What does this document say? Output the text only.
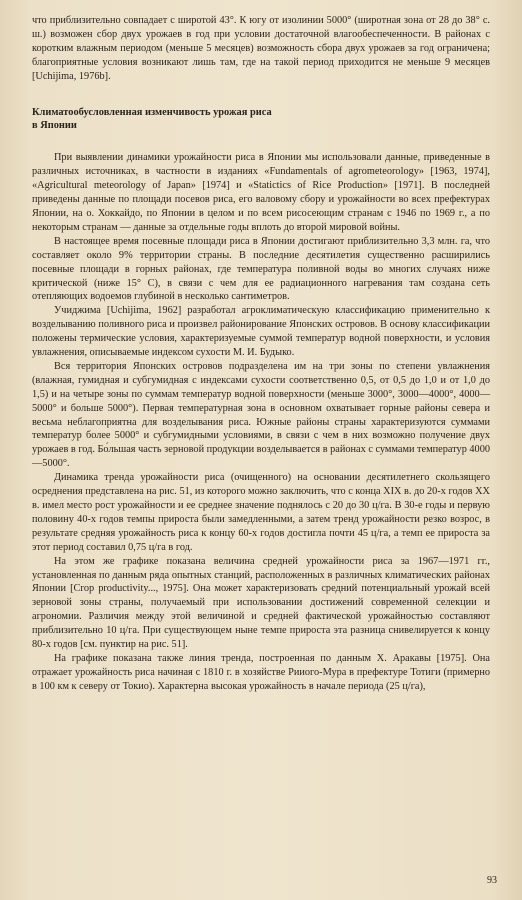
что приблизительно совпадает с широтой 43°. К югу от изолинии 5000° (ширoтная зона от 28 до 38° с. ш.) возможен сбор двух урожаев в год при условии достаточной влагообеспеченности. В районах с коротким влажным периодом (меньше 5 месяцев) возможность сбора двух урожаев за год ограничена; благоприятные условия возникают лишь там, где на такой период приходится не меньше 9 месяцев [Uchijima, 1976b].

Климатообусловленная изменчивость урожая риса
в Японии

При выявлении динамики урожайности риса в Японии мы использовали данные, приведенные в различных источниках, в частности в изданиях «Fundamentals of agrometeorology» [1963, 1974], «Agricultural meteorology of Japan» [1974] и «Statictics of Rice Production» [1971]. В последней приведены данные по площади посевов риса, его валовому сбору и урожайности во всех префектурах Японии, на о. Хоккайдо, по Японии в целом и по всем рисосеющим странам с 1946 по 1969 г., а по некоторым странам — данные за отдельные годы вплоть до второй мировой войны.

В настоящее время посевные площади риса в Японии достигают приблизительно 3,3 млн. га, что составляет около 9% территории страны. В последние десятилетия существенно расширились посевные площади в горных районах, где температура поливной воды во многих случаях ниже критической (ниже 15° С), в связи с чем для ее радиационного нагревания там создана сеть отепляющих водоемов глубиной в несколько сантиметров.

Учиджима [Uchijima, 1962] разработал агроклиматическую классификацию применительно к возделыванию поливного риса и произвел районирование Японских островов. В основу классификации положены термические условия, характеризуемые суммой температур водной поверхности, и условия увлажнения, описываемые индексом сухости М. И. Будыко.

Вся территория Японских островов подразделена им на три зоны по степени увлажнения (влажная, гумидная и субгумидная с индексами сухости соответственно 0,5, от 0,5 до 1,0 и от 1,0 до 1,5) и на четыре зоны по суммам температур водной поверхности (меньше 3000°, 3000—4000°, 4000—5000° и больше 5000°). Первая температурная зона в основном охватывает горные районы севера и весьма неблагоприятна для возделывания риса. Южные районы страны характеризуются суммами температур более 5000° и субгумидными условиями, в связи с чем в них возможно получение двух урожаев в год. Бо́льшая часть зерновой продукции возделывается в районах с суммами температур 4000—5000°.

Динамика тренда урожайности риса (очищенного) на основании десятилетнего скользящего осреднения представлена на рис. 51, из которого можно заключить, что с конца XIX в. до 20-х годов XX в. имел место рост урожайности и ее среднее значение поднялось с 20 до 30 ц/га. В 30-е годы и первую половину 40-х годов темпы прироста были замедленными, а затем тренд урожайности резко возрос, в результате средняя урожайность риса к концу 60-х годов достигла почти 45 ц/га, а темп ее прироста за этот период составил 0,75 ц/га в год.

На этом же графике показана величина средней урожайности риса за 1967—1971 гг., установленная по данным ряда опытных станций, расположенных в различных климатических районах Японии [Crop productivity..., 1975]. Она может характеризовать средний потенциальный урожай всей зерновой зоны страны, получаемый при использовании достижений современной селекции и агрономии. Различия между этой величиной и средней фактической урожайностью составляют приблизительно 10 ц/га. При существующем ныне темпе прироста эта разница снивелируется к концу 80-х годов [см. пунктир на рис. 51].

На графике показана также линия тренда, построенная по данным Х. Аракавы [1975]. Она отражает урожайность риса начиная с 1810 г. в хозяйстве Рииого-Мура в префектуре Тотиги (примерно в 100 км к северу от Токио). Характерна высокая урожайность в начале периода (25 ц/га),

93
